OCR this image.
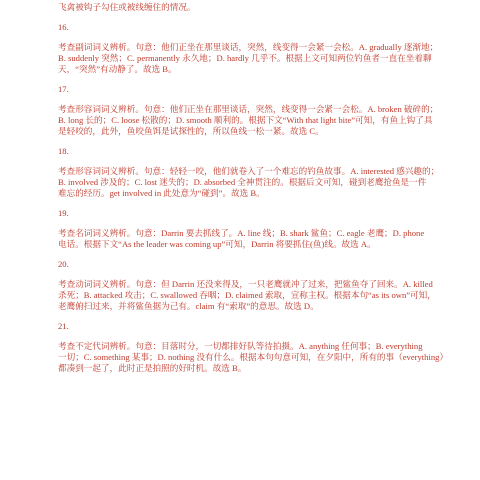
飞禽被钩子勾住或被线缠住的情况。
16.
考查副词词义辨析。句意：他们正坐在那里谈话，突然，线变得一会紧一会松。A. gradually 逐渐地；
B. suddenly 突然；C. permanently 永久地；D. hardly 几乎不。根据上文可知两位钓鱼者一直在坐着聊
天，“突然”有动静了。故选 B。
17.
考查形容词词义辨析。句意：他们正坐在那里谈话，突然，线变得一会紧一会松。A. broken 破碎的；
B. long 长的；C. loose 松散的；D. smooth 顺利的。根据下文“With that light bite”可知，有鱼上钩了具
是轻咬的，此外，鱼咬鱼饵是试探性的，所以鱼线一松一紧。故选 C。
18.
考查形容词词义辨析。句意：轻轻一咬，他们就卷入了一个难忘的钓鱼故事。A. interested 感兴趣的；
B. involved 涉及的；C. lost 迷失的；D. absorbed 全神贯注的。根据后文可知，碰到老鹰抢鱼是一件
难忘的经历。get involved in 此处意为“碰到”。故选 B。
19.
考查名词词义辨析。句意：Darrin 要去抓线了。A. line 线；B. shark 鲨鱼；C. eagle 老鹰；D. phone
电话。根据下文“As the leader was coming up”可知，Darrin 将要抓住(鱼)线。故选 A。
20.
考查动词词义辨析。句意：但 Darrin 还没来得及，一只老鹰就冲了过来，把鲨鱼夺了回来。A. killed
杀死；B. attacked 攻击；C. swallowed 吞咽；D. claimed 索取，宣称主权。根据本句“as its own”可知，
老鹰俯扫过来，并将鲨鱼据为己有。claim 有“索取”的意思。故选 D。
21.
考查不定代词辨析。句意：目落时分，一切都排好队等待拍摄。A. anything 任何事；B. everything
一切；C. something 某事；D. nothing 没有什么。根据本句句意可知，在夕阳中，所有的事（everything）
都凑到一起了，此时正是拍照的好时机。故选 B。
